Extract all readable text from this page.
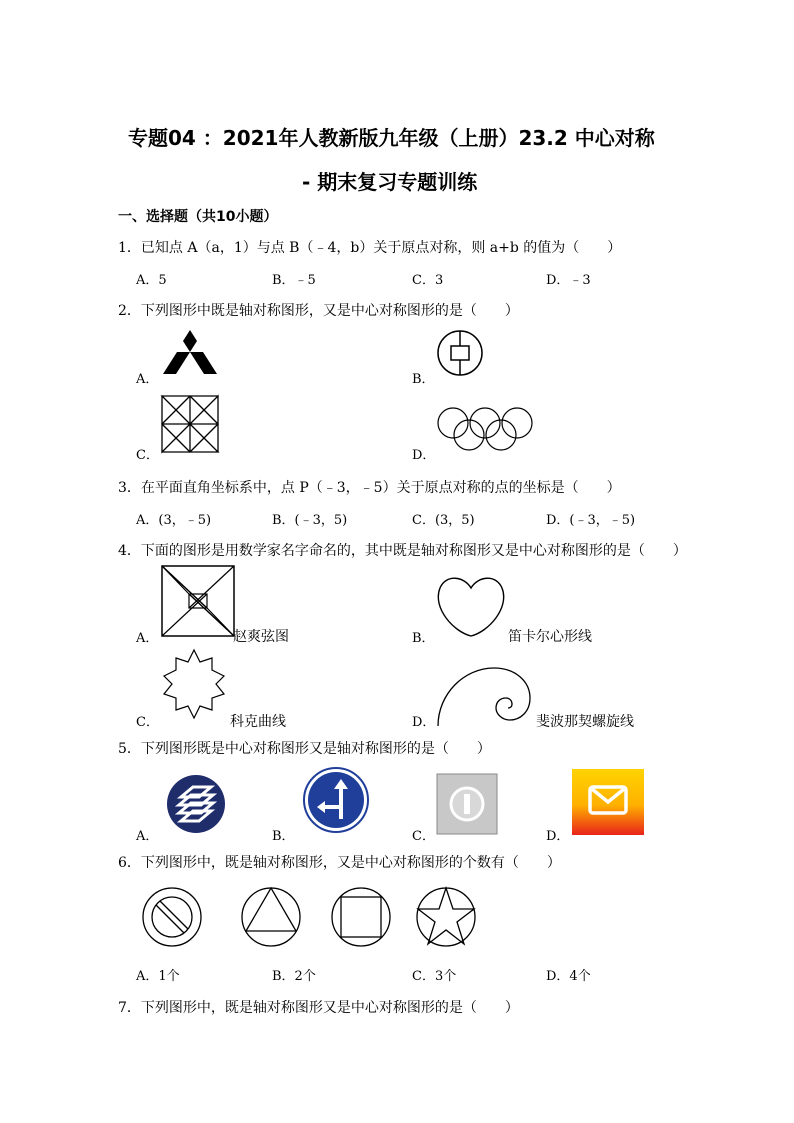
专题04 ：2021年人教新版九年级（上册）23.2 中心对称
- 期末复习专题训练
一、选择题（共10小题）
1．已知点 A（a，1）与点 B（﹣4，b）关于原点对称，则 a+b 的值为（　　）
A．5	B．﹣5	C．3	D．﹣3
2．下列图形中既是轴对称图形，又是中心对称图形的是（　　）
A．	B．
C．	D．
3．在平面直角坐标系中，点 P（﹣3，﹣5）关于原点对称的点的坐标是（　　）
A．(3，﹣5)	B．(﹣3，5)	C．(3，5)	D．(﹣3，﹣5)
4．下面的图形是用数学家名字命名的，其中既是轴对称图形又是中心对称图形的是（　　）
A．	B．
C．	D．
赵爽弦图	笛卡尔心形线
科克曲线	斐波那契螺旋线
5．下列图形既是中心对称图形又是轴对称图形的是（　　）
A．	B．	C．	D．
6．下列图形中，既是轴对称图形，又是中心对称图形的个数有（　　）
A．1个	B．2个	C．3个	D．4个
7．下列图形中，既是轴对称图形又是中心对称图形的是（　　）
